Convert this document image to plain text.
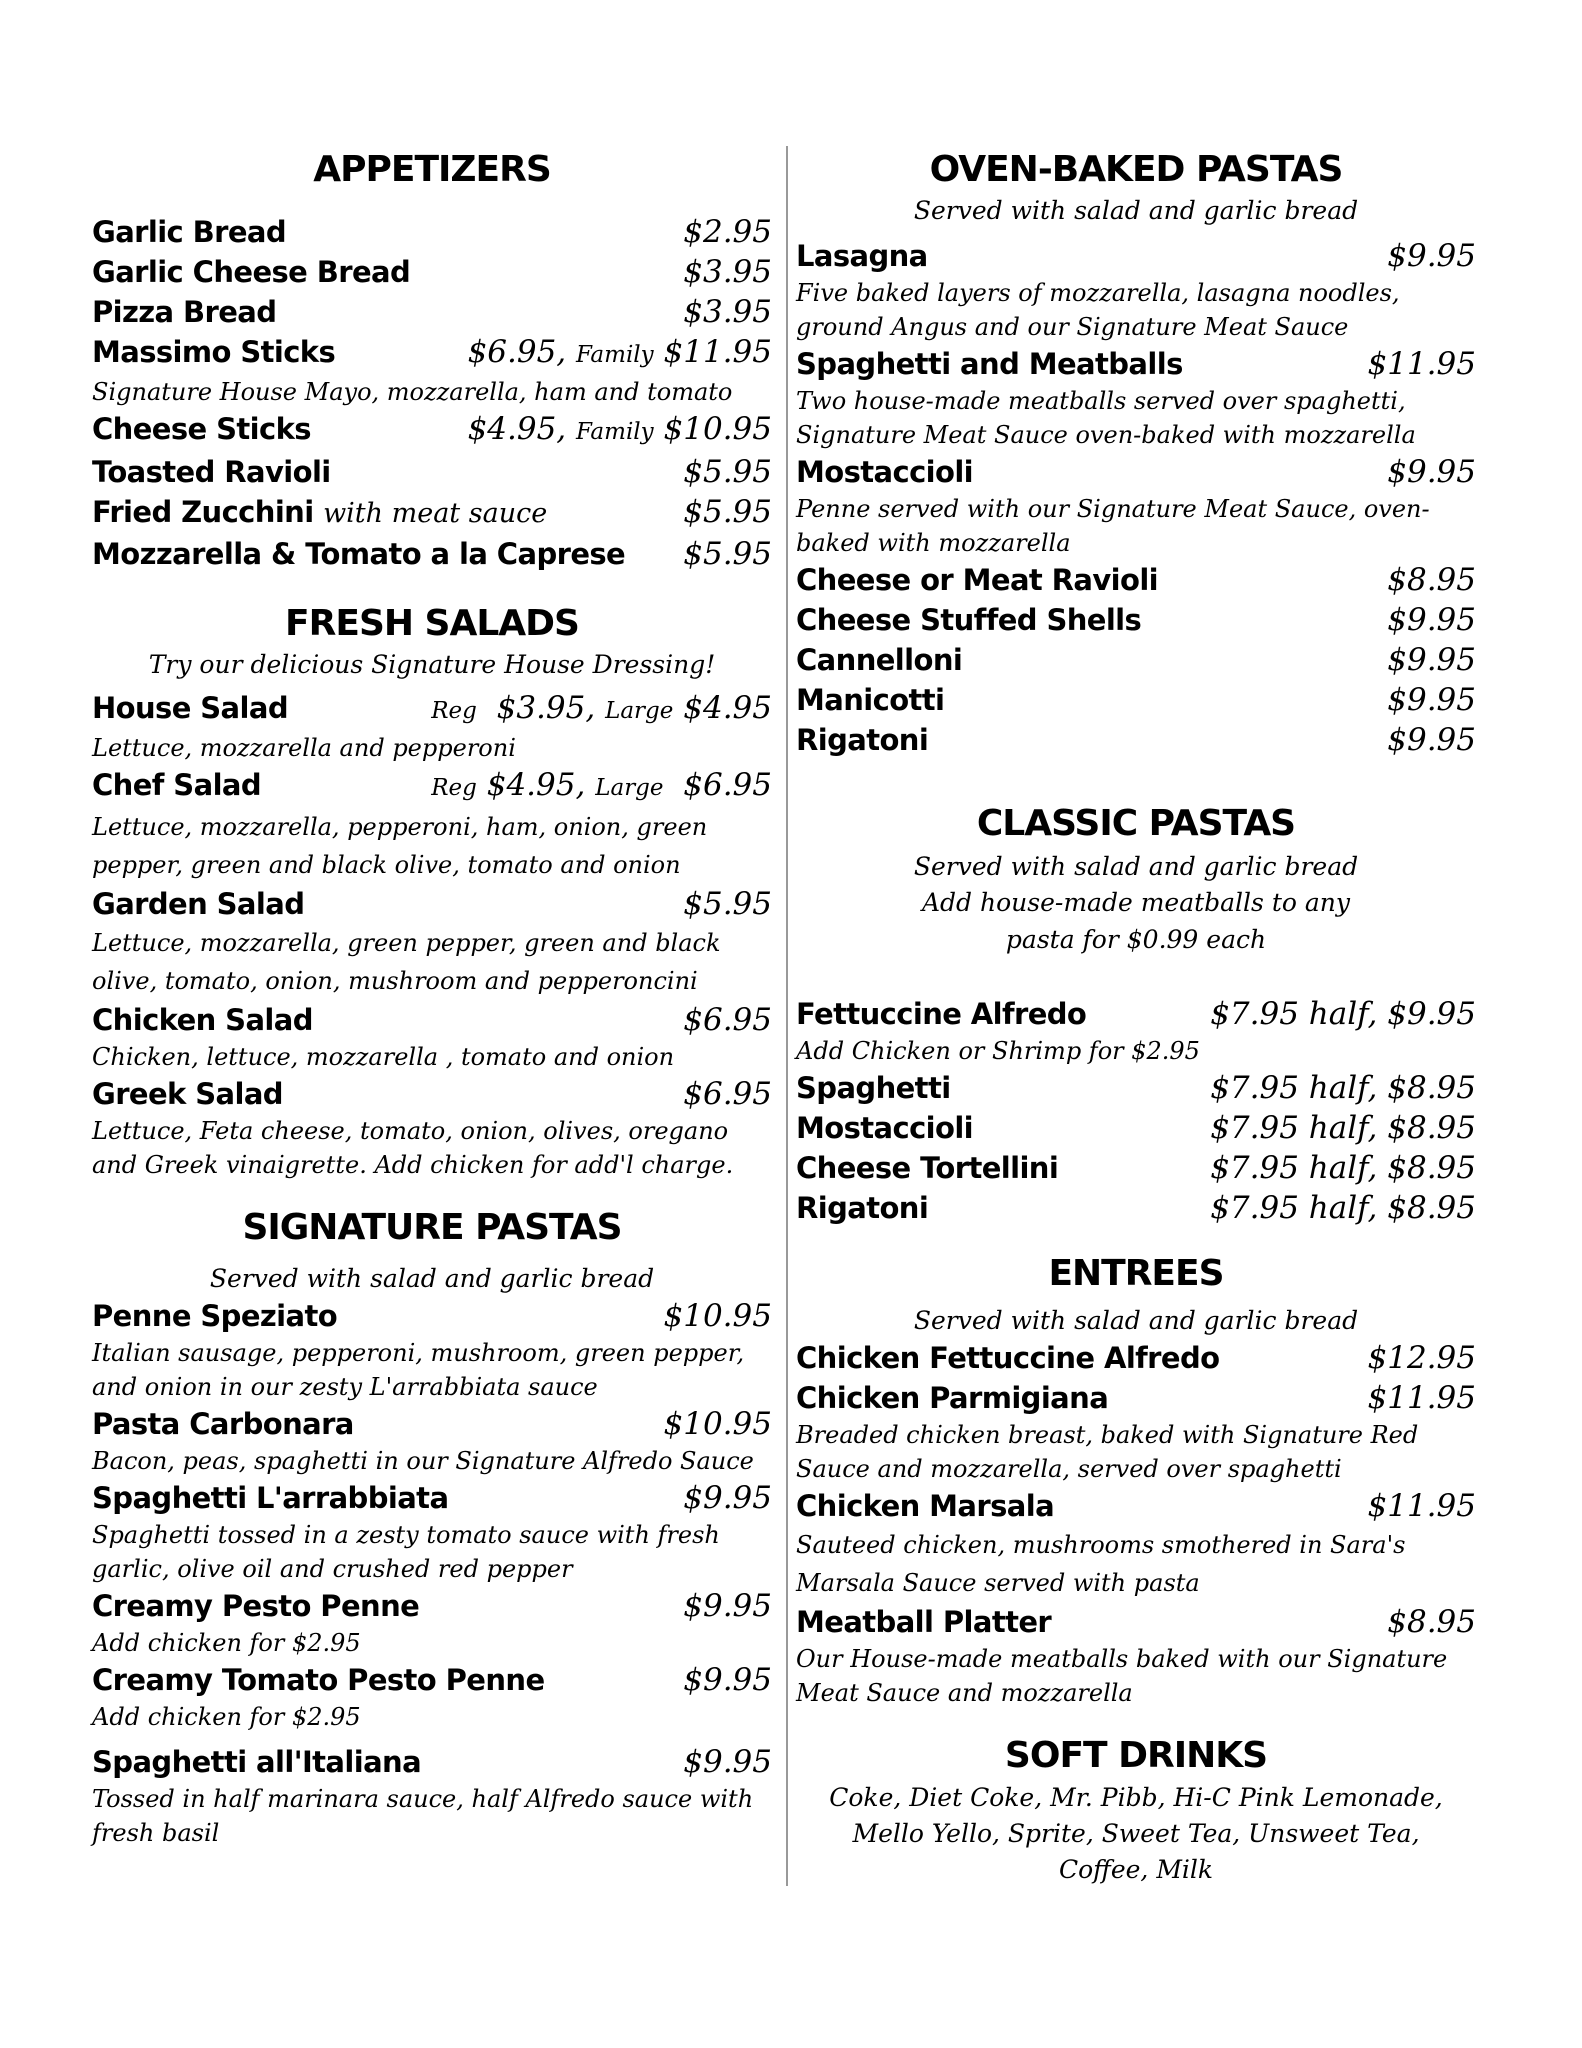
APPETIZERS
Garlic Bread	$2.95
Garlic Cheese Bread	$3.95
Pizza Bread	$3.95
Massimo Sticks	$6.95, Family $11.95
Signature House Mayo, mozzarella, ham and tomato
Cheese Sticks	$4.95, Family $10.95
Toasted Ravioli	$5.95
Fried Zucchini with meat sauce	$5.95
Mozzarella & Tomato a la Caprese $5.95
FRESH SALADS
Try our delicious Signature House Dressing!
House Salad	Reg $3.95, Large $4.95
Lettuce, mozzarella and pepperoni
Chef Salad	Reg $4.95, Large $6.95
Lettuce, mozzarella, pepperoni, ham, onion, green pepper, green and black olive, tomato and onion
Garden Salad	$5.95
Lettuce, mozzarella, green pepper, green and black olive, tomato, onion, mushroom and pepperoncini
Chicken Salad	$6.95
Chicken, lettuce, mozzarella , tomato and onion
Greek Salad	$6.95
Lettuce, Feta cheese, tomato, onion, olives, oregano and Greek vinaigrette. Add chicken for add'l charge.
SIGNATURE PASTAS
Served with salad and garlic bread
Penne Speziato	$10.95
Italian sausage, pepperoni, mushroom, green pepper, and onion in our zesty L'arrabbiata sauce
Pasta Carbonara	$10.95
Bacon, peas, spaghetti in our Signature Alfredo Sauce
Spaghetti L'arrabbiata	$9.95
Spaghetti tossed in a zesty tomato sauce with fresh garlic, olive oil and crushed red pepper
Creamy Pesto Penne	$9.95
Add chicken for $2.95
Creamy Tomato Pesto Penne	$9.95
Add chicken for $2.95
Spaghetti all'Italiana	$9.95
Tossed in half marinara sauce, half Alfredo sauce with fresh basil
OVEN-BAKED PASTAS
Served with salad and garlic bread
Lasagna	$9.95
Five baked layers of mozzarella, lasagna noodles, ground Angus and our Signature Meat Sauce
Spaghetti and Meatballs	$11.95
Two house-made meatballs served over spaghetti, Signature Meat Sauce oven-baked with mozzarella
Mostaccioli	$9.95
Penne served with our Signature Meat Sauce, oven-baked with mozzarella
Cheese or Meat Ravioli	$8.95
Cheese Stuffed Shells	$9.95
Cannelloni	$9.95
Manicotti	$9.95
Rigatoni	$9.95
CLASSIC PASTAS
Served with salad and garlic bread
Add house-made meatballs to any
pasta for $0.99 each
Fettuccine Alfredo	$7.95 half, $9.95
Add Chicken or Shrimp for $2.95
Spaghetti	$7.95 half, $8.95
Mostaccioli	$7.95 half, $8.95
Cheese Tortellini	$7.95 half, $8.95
Rigatoni	$7.95 half, $8.95
ENTREES
Served with salad and garlic bread
Chicken Fettuccine Alfredo	$12.95
Chicken Parmigiana	$11.95
Breaded chicken breast, baked with Signature Red Sauce and mozzarella, served over spaghetti
Chicken Marsala	$11.95
Sauteed chicken, mushrooms smothered in Sara's Marsala Sauce served with pasta
Meatball Platter	$8.95
Our House-made meatballs baked with our Signature Meat Sauce and mozzarella
SOFT DRINKS
Coke, Diet Coke, Mr. Pibb, Hi-C Pink Lemonade, Mello Yello, Sprite, Sweet Tea, Unsweet Tea, Coffee, Milk
